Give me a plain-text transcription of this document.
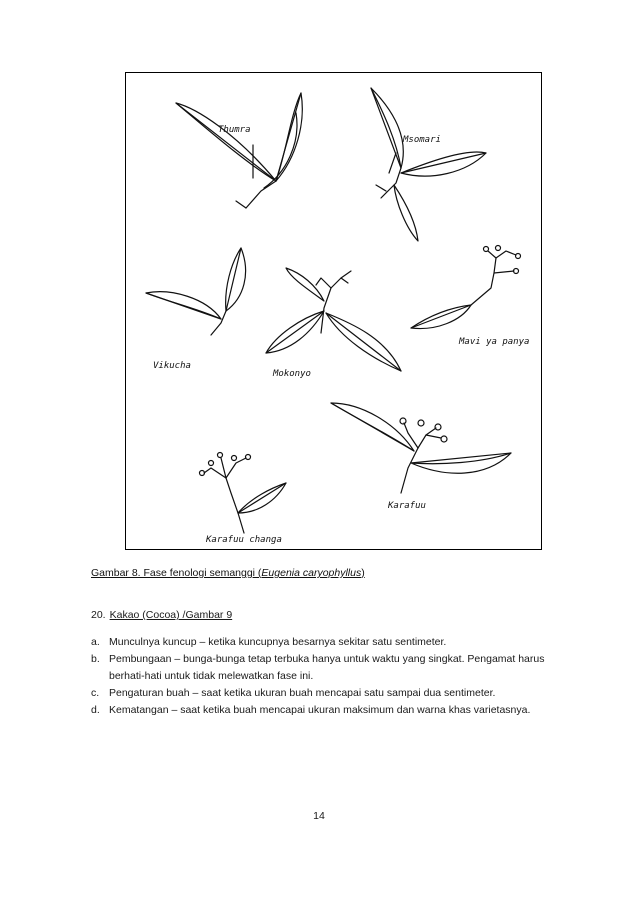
Thumra
Msomari
Vikucha
Mokonyo
Mavi ya panya
Karafuu
Karafuu changa
Gambar 8. Fase fenologi semanggi (Eugenia caryophyllus)
20. Kakao (Cocoa) /Gambar 9
a. Munculnya kuncup – ketika kuncupnya besarnya sekitar satu sentimeter.
b. Pembungaan – bunga-bunga tetap terbuka hanya untuk waktu yang singkat. Pengamat harus berhati-hati untuk tidak melewatkan fase ini.
c. Pengaturan buah – saat ketika ukuran buah mencapai satu sampai dua sentimeter.
d. Kematangan – saat ketika buah mencapai ukuran maksimum dan warna khas varietasnya.
14
